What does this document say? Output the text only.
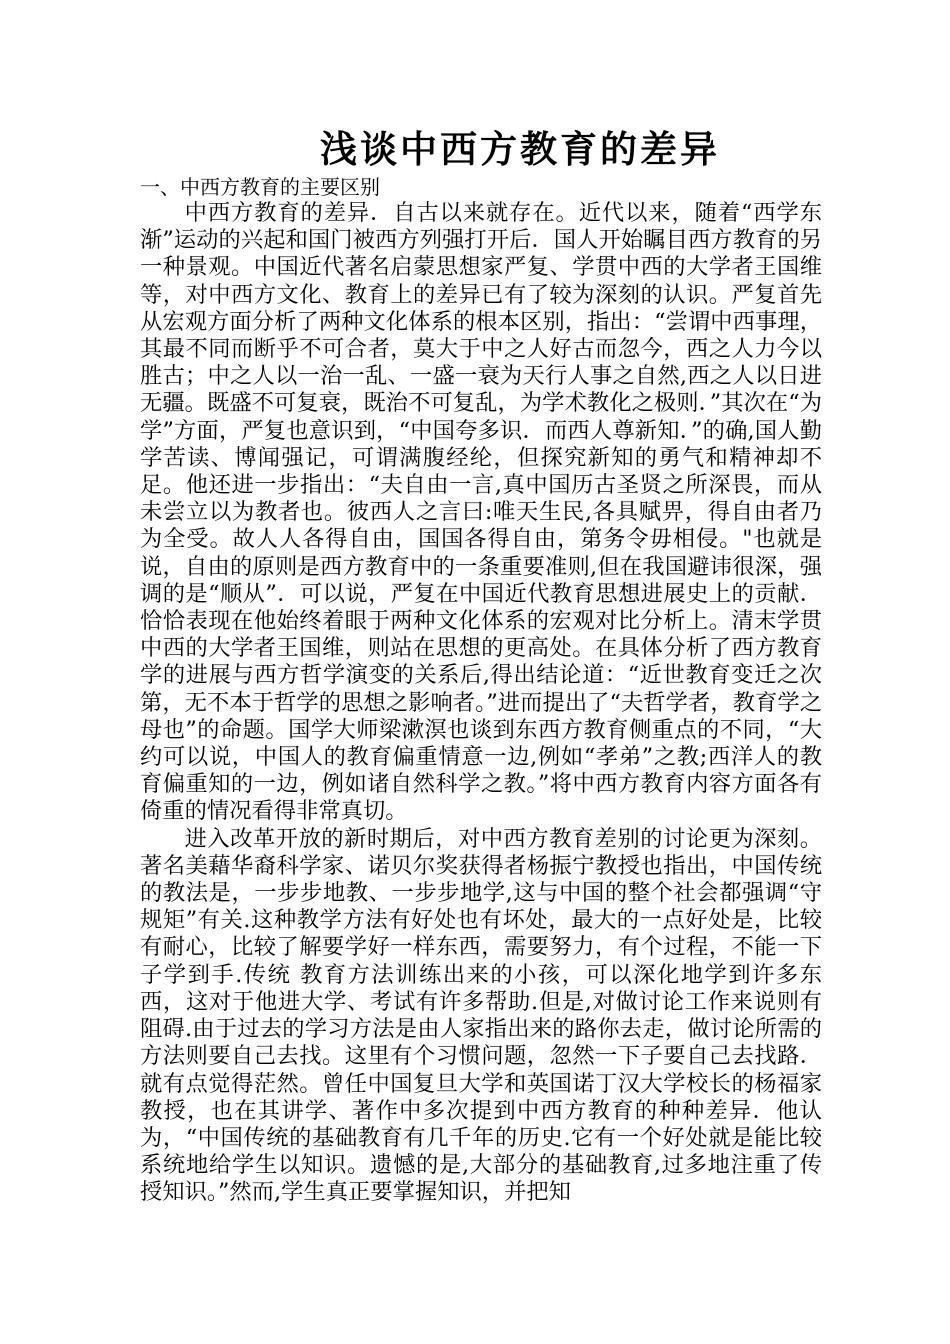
浅谈中西方教育的差异

一、中西方教育的主要区别

中西方教育的差异．自古以来就存在。近代以来，随着“西学东渐”运动的兴起和国门被西方列强打开后．国人开始瞩目西方教育的另一种景观。中国近代著名启蒙思想家严复、学贯中西的大学者王国维等，对中西方文化、教育上的差异已有了较为深刻的认识。严复首先从宏观方面分析了两种文化体系的根本区别，指出：“尝谓中西事理，其最不同而断乎不可合者，莫大于中之人好古而忽今，西之人力今以胜古；中之人以一治一乱、一盛一衰为天行人事之自然,西之人以日进无疆。既盛不可复衰，既治不可复乱，为学术教化之极则．”其次在“为学”方面，严复也意识到，“中国夸多识．而西人尊新知．”的确,国人勤学苦读、博闻强记，可谓满腹经纶，但探究新知的勇气和精神却不足。他还进一步指出：“夫自由一言,真中国历古圣贤之所深畏，而从未尝立以为教者也。彼西人之言曰:唯天生民,各具赋畀，得自由者乃为全受。故人人各得自由，国国各得自由，第务令毋相侵。"也就是说，自由的原则是西方教育中的一条重要准则,但在我国避讳很深，强调的是“顺从”．可以说，严复在中国近代教育思想进展史上的贡献．恰恰表现在他始终着眼于两种文化体系的宏观对比分析上。清末学贯中西的大学者王国维，则站在思想的更高处。在具体分析了西方教育学的进展与西方哲学演变的关系后,得出结论道：“近世教育变迁之次第，无不本于哲学的思想之影响者。”进而提出了“夫哲学者，教育学之母也”的命题。国学大师梁漱溟也谈到东西方教育侧重点的不同，“大约可以说，中国人的教育偏重情意一边,例如“孝弟”之教;西洋人的教育偏重知的一边，例如诸自然科学之教。”将中西方教育内容方面各有倚重的情况看得非常真切。

进入改革开放的新时期后，对中西方教育差别的讨论更为深刻。著名美藉华裔科学家、诺贝尔奖获得者杨振宁教授也指出，中国传统的教法是，一步步地教、一步步地学,这与中国的整个社会都强调“守规矩”有关.这种教学方法有好处也有坏处，最大的一点好处是，比较有耐心，比较了解要学好一样东西，需要努力，有个过程，不能一下子学到手.传统 教育方法训练出来的小孩，可以深化地学到许多东西，这对于他进大学、考试有许多帮助.但是,对做讨论工作来说则有阻碍.由于过去的学习方法是由人家指出来的路你去走，做讨论所需的方法则要自己去找。这里有个习惯问题，忽然一下子要自己去找路．就有点觉得茫然。曾任中国复旦大学和英国诺丁汉大学校长的杨福家教授，也在其讲学、著作中多次提到中西方教育的种种差异．他认为，“中国传统的基础教育有几千年的历史.它有一个好处就是能比较系统地给学生以知识。遗憾的是,大部分的基础教育,过多地注重了传授知识。”然而,学生真正要掌握知识，并把知
